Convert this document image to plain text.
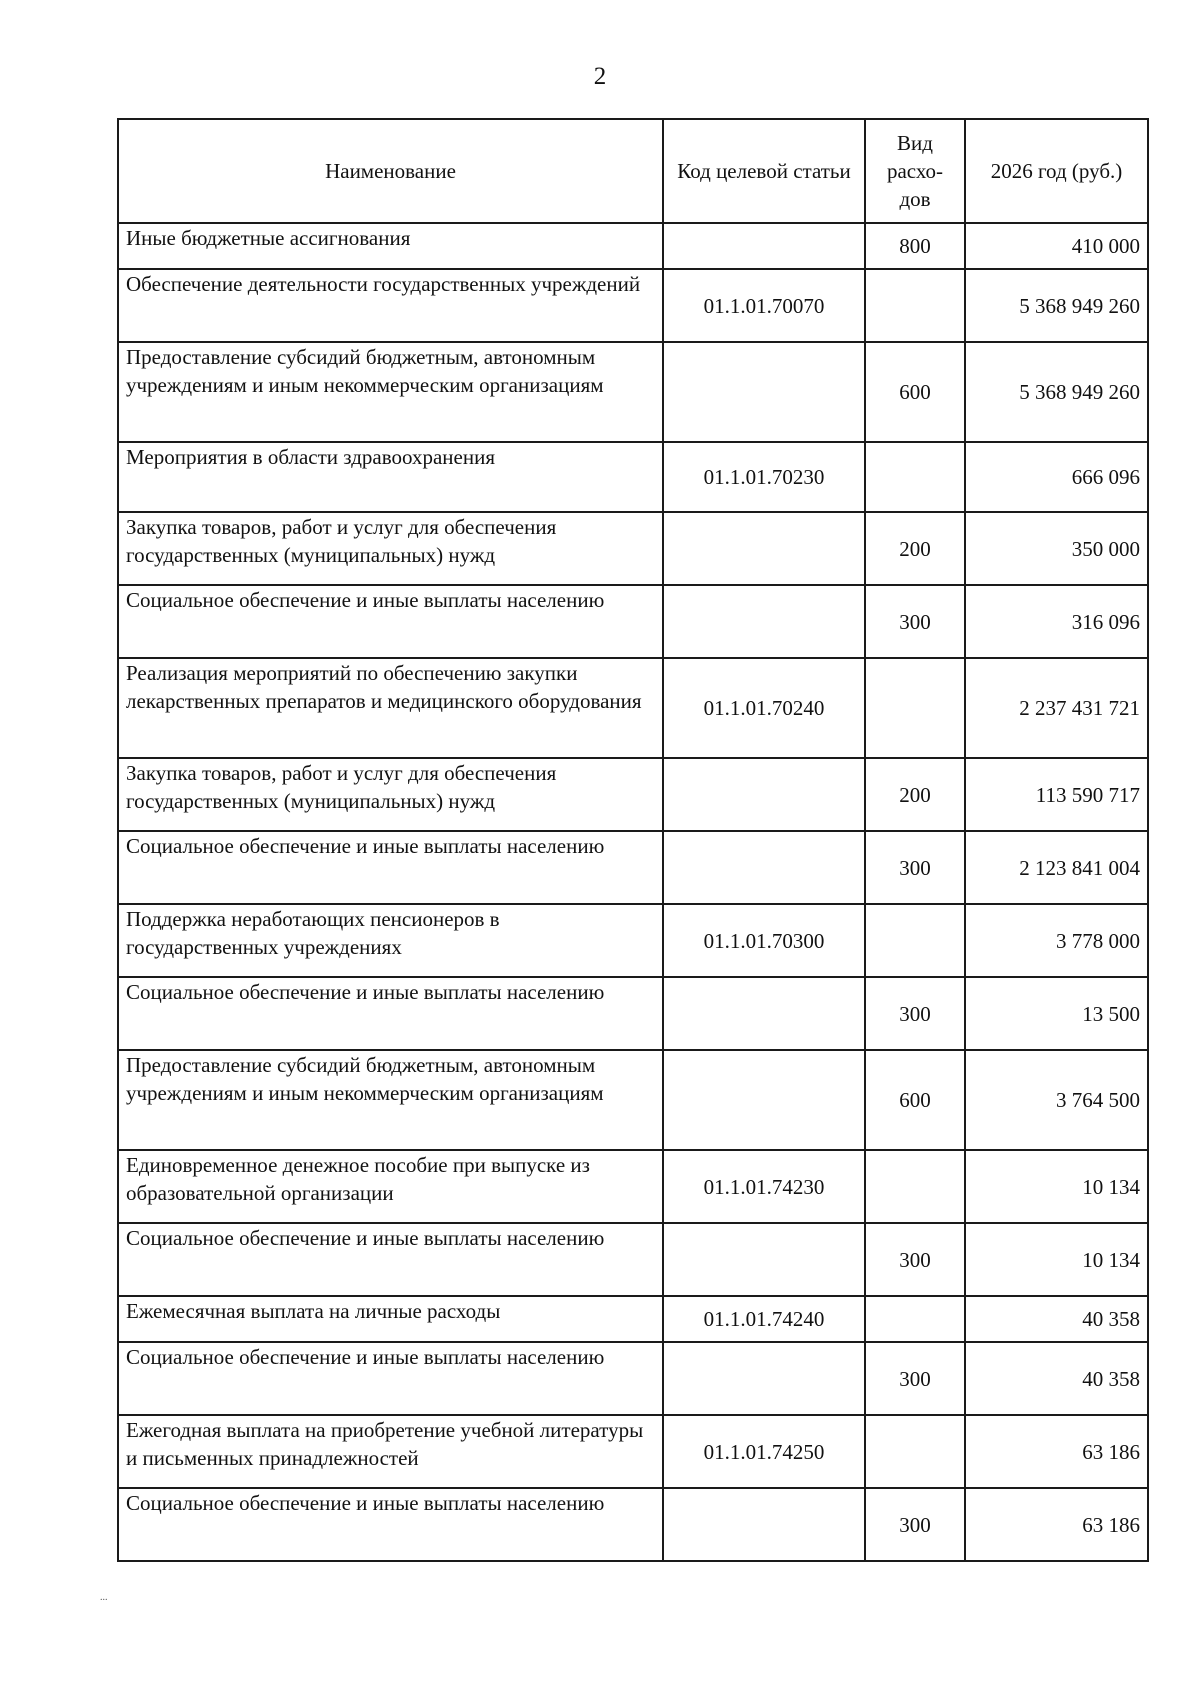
2
Наименование	Код целевой статьи	Вид расхо-дов	2026 год (руб.)
Иные бюджетные ассигнования		800	410 000
Обеспечение деятельности государственных учреждений	01.1.01.70070		5 368 949 260
Предоставление субсидий бюджетным, автономным учреждениям и иным некоммерческим организациям		600	5 368 949 260
Мероприятия в области здравоохранения	01.1.01.70230		666 096
Закупка товаров, работ и услуг для обеспечения государственных (муниципальных) нужд		200	350 000
Социальное обеспечение и иные выплаты населению		300	316 096
Реализация мероприятий по обеспечению закупки лекарственных препаратов и медицинского оборудования	01.1.01.70240		2 237 431 721
Закупка товаров, работ и услуг для обеспечения государственных (муниципальных) нужд		200	113 590 717
Социальное обеспечение и иные выплаты населению		300	2 123 841 004
Поддержка неработающих пенсионеров в государственных учреждениях	01.1.01.70300		3 778 000
Социальное обеспечение и иные выплаты населению		300	13 500
Предоставление субсидий бюджетным, автономным учреждениям и иным некоммерческим организациям		600	3 764 500
Единовременное денежное пособие при выпуске из образовательной организации	01.1.01.74230		10 134
Социальное обеспечение и иные выплаты населению		300	10 134
Ежемесячная выплата на личные расходы	01.1.01.74240		40 358
Социальное обеспечение и иные выплаты населению		300	40 358
Ежегодная выплата на приобретение учебной литературы и письменных принадлежностей	01.1.01.74250		63 186
Социальное обеспечение и иные выплаты населению		300	63 186
...
